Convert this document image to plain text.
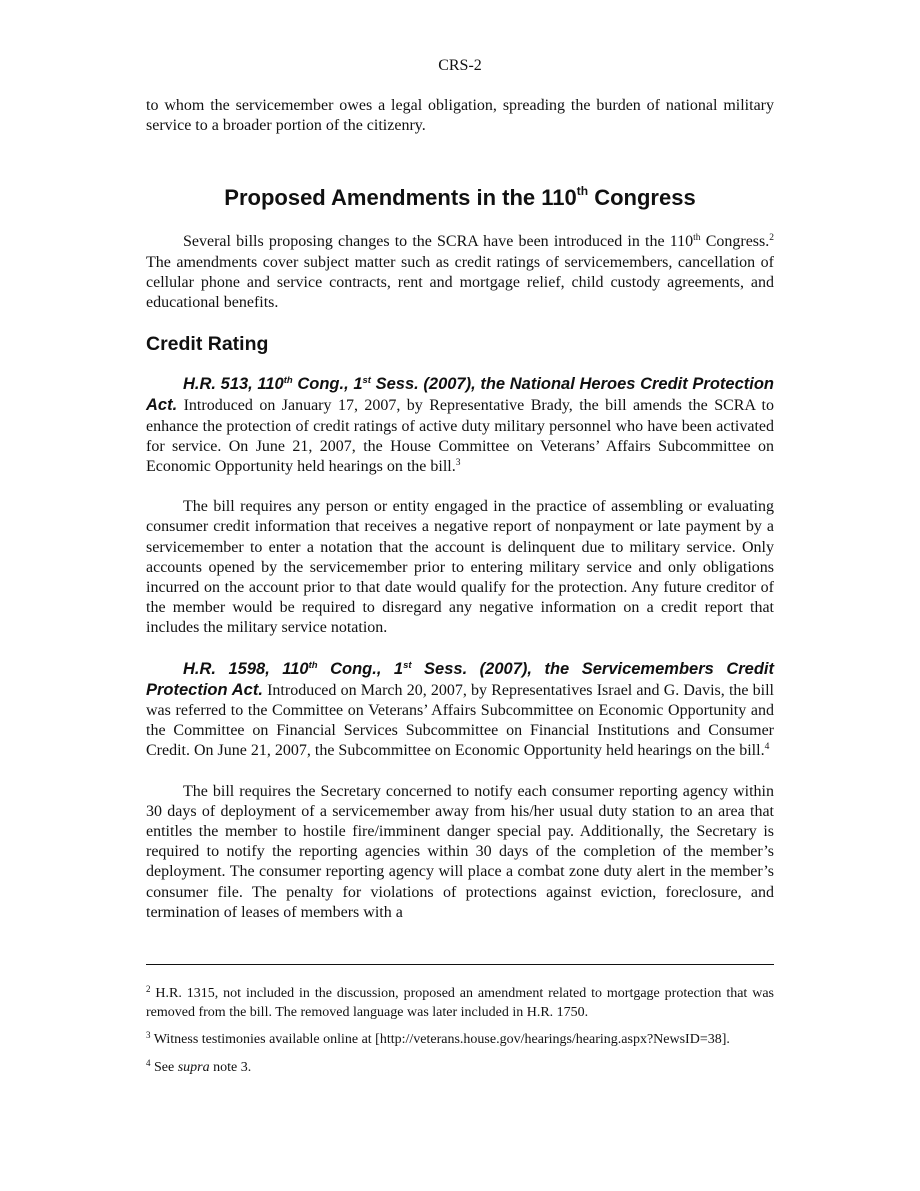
CRS-2

to whom the servicemember owes a legal obligation, spreading the burden of national military service to a broader portion of the citizenry.

Proposed Amendments in the 110th Congress

Several bills proposing changes to the SCRA have been introduced in the 110th Congress.$^2$ The amendments cover subject matter such as credit ratings of servicemembers, cancellation of cellular phone and service contracts, rent and mortgage relief, child custody agreements, and educational benefits.

Credit Rating

H.R. 513, 110th Cong., 1st Sess. (2007), the National Heroes Credit Protection Act. Introduced on January 17, 2007, by Representative Brady, the bill amends the SCRA to enhance the protection of credit ratings of active duty military personnel who have been activated for service. On June 21, 2007, the House Committee on Veterans’ Affairs Subcommittee on Economic Opportunity held hearings on the bill.$^3$

The bill requires any person or entity engaged in the practice of assembling or evaluating consumer credit information that receives a negative report of nonpayment or late payment by a servicemember to enter a notation that the account is delinquent due to military service. Only accounts opened by the servicemember prior to entering military service and only obligations incurred on the account prior to that date would qualify for the protection. Any future creditor of the member would be required to disregard any negative information on a credit report that includes the military service notation.

H.R. 1598, 110th Cong., 1st Sess. (2007), the Servicemembers Credit Protection Act. Introduced on March 20, 2007, by Representatives Israel and G. Davis, the bill was referred to the Committee on Veterans’ Affairs Subcommittee on Economic Opportunity and the Committee on Financial Services Subcommittee on Financial Institutions and Consumer Credit. On June 21, 2007, the Subcommittee on Economic Opportunity held hearings on the bill.$^4$

The bill requires the Secretary concerned to notify each consumer reporting agency within 30 days of deployment of a servicemember away from his/her usual duty station to an area that entitles the member to hostile fire/imminent danger special pay. Additionally, the Secretary is required to notify the reporting agencies within 30 days of the completion of the member’s deployment. The consumer reporting agency will place a combat zone duty alert in the member’s consumer file. The penalty for violations of protections against eviction, foreclosure, and termination of leases of members with a

$^2$ H.R. 1315, not included in the discussion, proposed an amendment related to mortgage protection that was removed from the bill. The removed language was later included in H.R. 1750.

$^3$ Witness testimonies available online at [http://veterans.house.gov/hearings/hearing.aspx?NewsID=38].

$^4$ See supra note 3.
